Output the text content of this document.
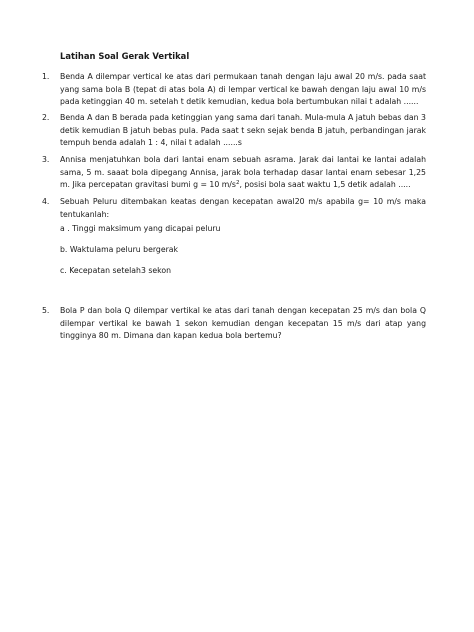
Latihan Soal Gerak Vertikal
1. Benda A dilempar vertical ke atas dari permukaan tanah dengan laju awal 20 m/s. pada saat yang sama bola B (tepat di atas bola A) di lempar vertical ke bawah dengan laju awal 10 m/s pada ketinggian 40 m. setelah t detik kemudian, kedua bola bertumbukan nilai t adalah ......
2. Benda A dan B berada pada ketinggian yang sama dari tanah. Mula-mula A jatuh bebas dan 3 detik kemudian B jatuh bebas pula. Pada saat t sekn sejak benda B jatuh, perbandingan jarak tempuh benda adalah 1 : 4, nilai t adalah ......s
3. Annisa menjatuhkan bola dari lantai enam sebuah asrama. Jarak dai lantai ke lantai adalah sama, 5 m. saaat bola dipegang Annisa, jarak bola terhadap dasar lantai enam sebesar 1,25 m. Jika percepatan gravitasi bumi g = 10 $m/s^2$, posisi bola saat waktu 1,5 detik adalah .....
4. Sebuah Peluru ditembakan keatas dengan kecepatan awal20 m/s apabila g= 10 m/s maka tentukanlah:
a . Tinggi maksimum yang dicapai peluru
b. Waktulama peluru bergerak
c. Kecepatan setelah3 sekon
5. Bola P dan bola Q dilempar vertikal ke atas dari tanah dengan kecepatan 25 m/s dan bola Q dilempar vertikal ke bawah 1 sekon kemudian dengan kecepatan 15 m/s dari atap yang tingginya 80 m. Dimana dan kapan kedua bola bertemu?
